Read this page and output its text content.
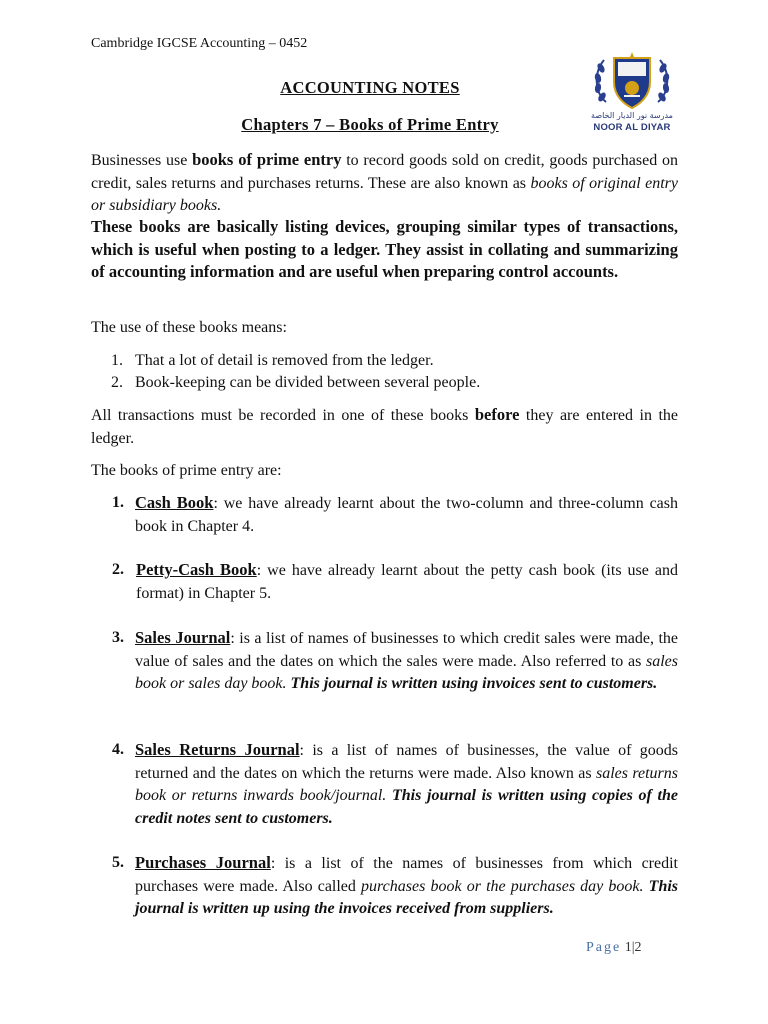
Cambridge IGCSE Accounting – 0452
مدرسة نور الديار الخاصة
NOOR AL DIYAR
ACCOUNTING NOTES
Chapters 7 – Books of Prime Entry
Businesses use books of prime entry to record goods sold on credit, goods purchased on credit, sales returns and purchases returns. These are also known as books of original entry or subsidiary books.
These books are basically listing devices, grouping similar types of transactions, which is useful when posting to a ledger. They assist in collating and summarizing of accounting information and are useful when preparing control accounts.
The use of these books means:
1. That a lot of detail is removed from the ledger.
2. Book-keeping can be divided between several people.
All transactions must be recorded in one of these books before they are entered in the ledger.
The books of prime entry are:
1. Cash Book: we have already learnt about the two-column and three-column cash book in Chapter 4.
2. Petty-Cash Book: we have already learnt about the petty cash book (its use and format) in Chapter 5.
3. Sales Journal: is a list of names of businesses to which credit sales were made, the value of sales and the dates on which the sales were made. Also referred to as sales book or sales day book. This journal is written using invoices sent to customers.
4. Sales Returns Journal: is a list of names of businesses, the value of goods returned and the dates on which the returns were made. Also known as sales returns book or returns inwards book/journal. This journal is written using copies of the credit notes sent to customers.
5. Purchases Journal: is a list of the names of businesses from which credit purchases were made. Also called purchases book or the purchases day book. This journal is written up using the invoices received from suppliers.
Page 1|2
